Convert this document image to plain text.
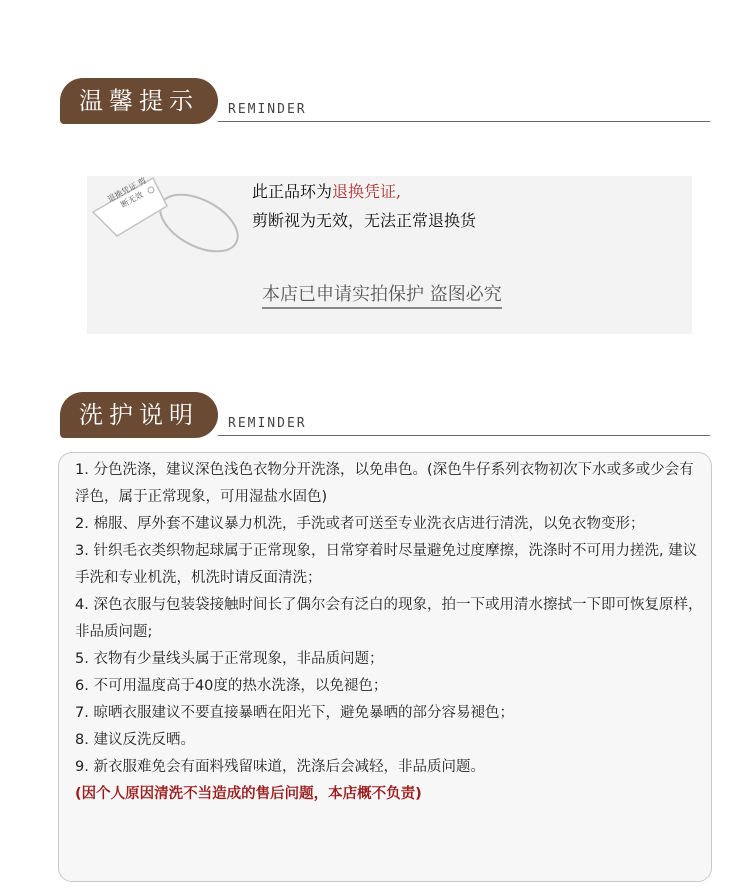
温馨提示	REMINDER
退换凭证 剪断无效	此正品环为退换凭证,
剪断视为无效，无法正常退换货
本店已申请实拍保护 盗图必究
洗护说明	REMINDER

1. 分色洗涤，建议深色浅色衣物分开洗涤，以免串色。(深色牛仔系列衣物初次下水或多或少会有浮色，属于正常现象，可用湿盐水固色)

2. 棉服、厚外套不建议暴力机洗，手洗或者可送至专业洗衣店进行清洗，以免衣物变形；

3. 针织毛衣类织物起球属于正常现象，日常穿着时尽量避免过度摩擦，洗涤时不可用力搓洗, 建议手洗和专业机洗，机洗时请反面清洗；

4. 深色衣服与包装袋接触时间长了偶尔会有泛白的现象，拍一下或用清水擦拭一下即可恢复原样，非品质问题;

5. 衣物有少量线头属于正常现象，非品质问题；

6. 不可用温度高于40度的热水洗涤，以免褪色；

7. 晾晒衣服建议不要直接暴晒在阳光下，避免暴晒的部分容易褪色；

8. 建议反洗反晒。

9. 新衣服难免会有面料残留味道，洗涤后会减轻，非品质问题。

(因个人原因清洗不当造成的售后问题，本店概不负责)
